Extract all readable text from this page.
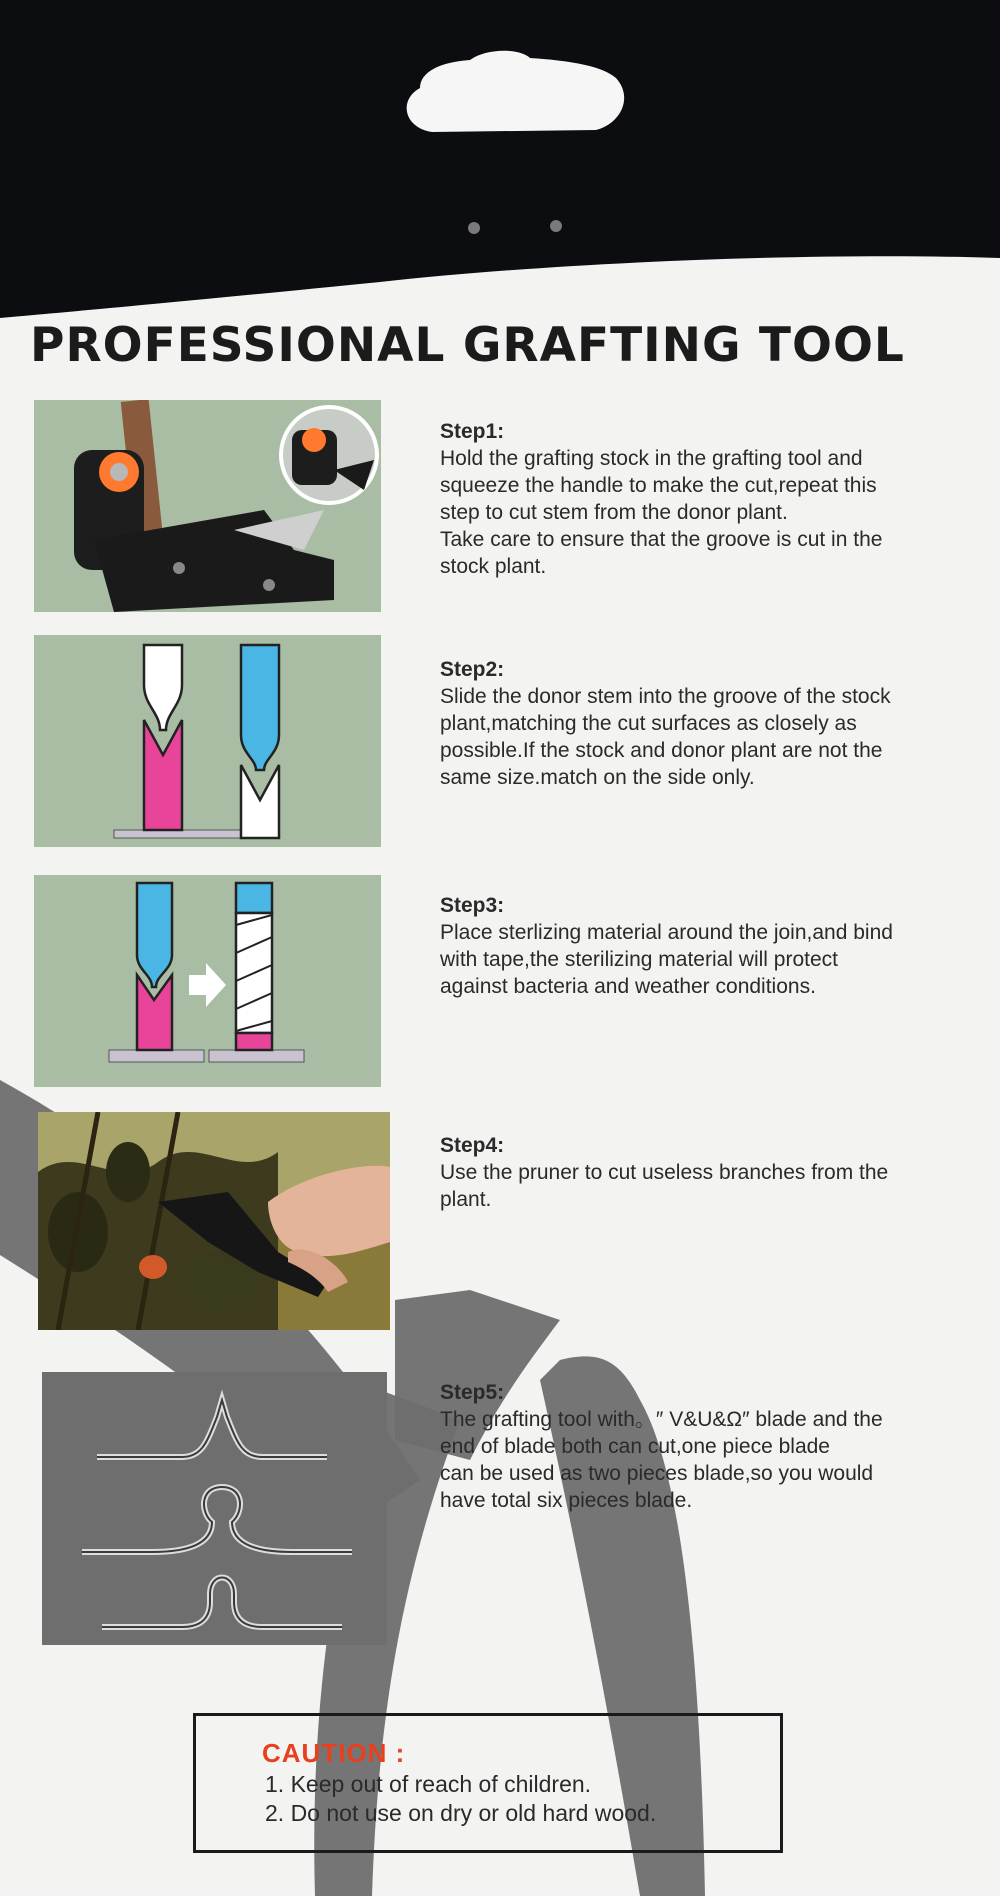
PROFESSIONAL GRAFTING TOOL
Step1:
Hold the grafting stock in the grafting tool and
squeeze the handle to make the cut,repeat this
step to cut stem from the donor plant.
Take care to ensure that the groove is cut in the
stock plant.
Step2:
Slide the donor stem into the groove of the stock
plant,matching the cut surfaces as closely as
possible.If the stock and donor plant are not the
same size.match on the side only.
Step3:
Place sterlizing material around the join,and bind
with tape,the sterilizing material will protect
against bacteria and weather conditions.
Step4:
Use the pruner to cut useless branches from the
plant.
Step5:
The grafting tool with。″ V&U&Ω″ blade and the
end of blade both can cut,one piece blade
can be used as two pieces blade,so you would
have total six pieces blade.
CAUTION :
1. Keep out of reach of children.
2. Do not use on dry or old hard wood.
